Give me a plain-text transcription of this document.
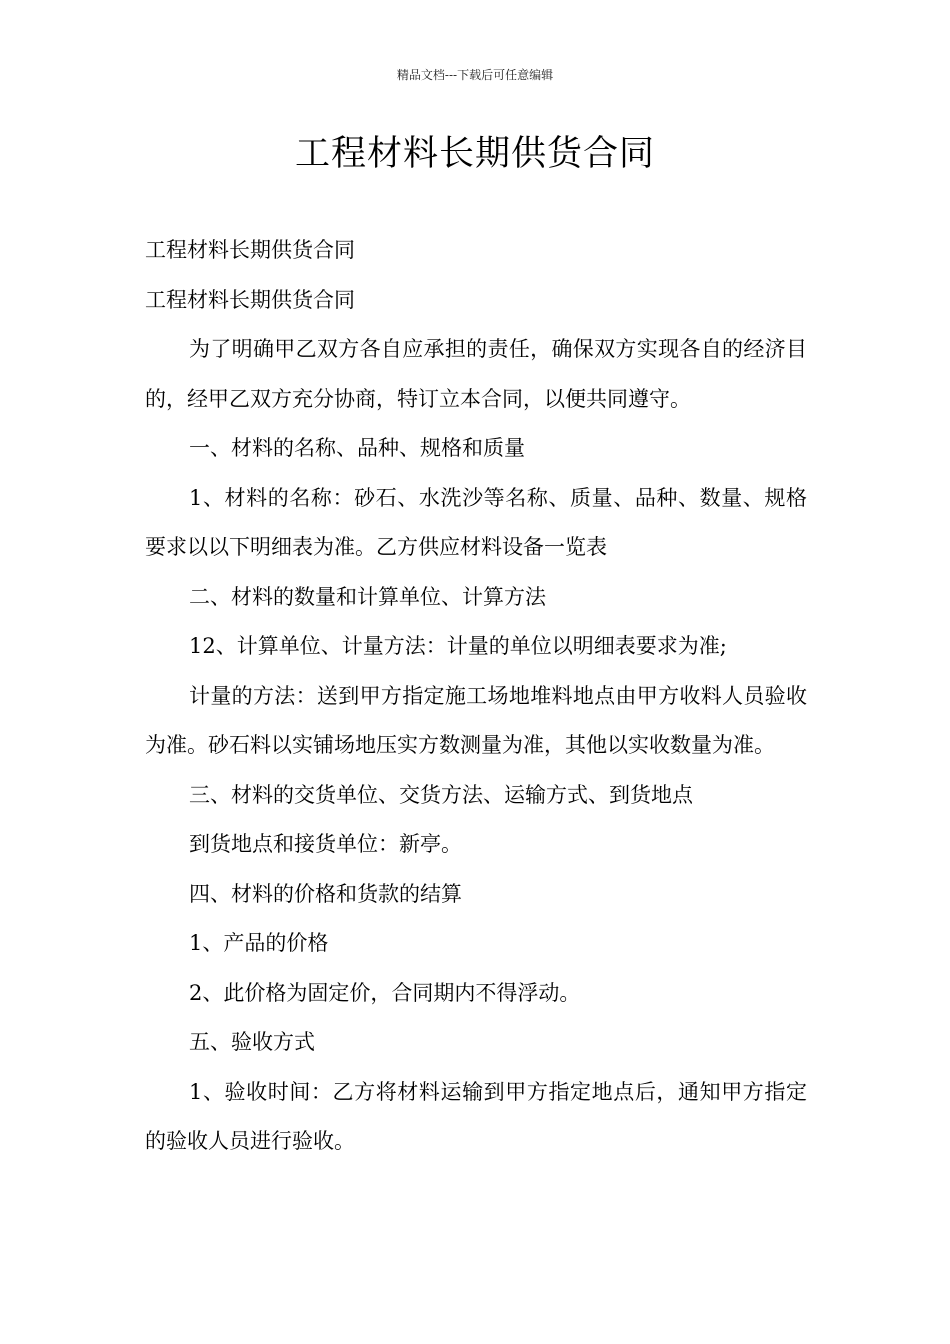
精品文档---下载后可任意编辑
工程材料长期供货合同

工程材料长期供货合同

工程材料长期供货合同

为了明确甲乙双方各自应承担的责任，确保双方实现各自的经济目的，经甲乙双方充分协商，特订立本合同，以便共同遵守。

一、材料的名称、品种、规格和质量

1、材料的名称：砂石、水洗沙等名称、质量、品种、数量、规格要求以以下明细表为准。乙方供应材料设备一览表

二、材料的数量和计算单位、计算方法

12、计算单位、计量方法：计量的单位以明细表要求为准;

计量的方法：送到甲方指定施工场地堆料地点由甲方收料人员验收为准。砂石料以实铺场地压实方数测量为准，其他以实收数量为准。

三、材料的交货单位、交货方法、运输方式、到货地点

到货地点和接货单位：新亭。

四、材料的价格和货款的结算

1、产品的价格

2、此价格为固定价，合同期内不得浮动。

五、验收方式

1、验收时间：乙方将材料运输到甲方指定地点后，通知甲方指定的验收人员进行验收。
